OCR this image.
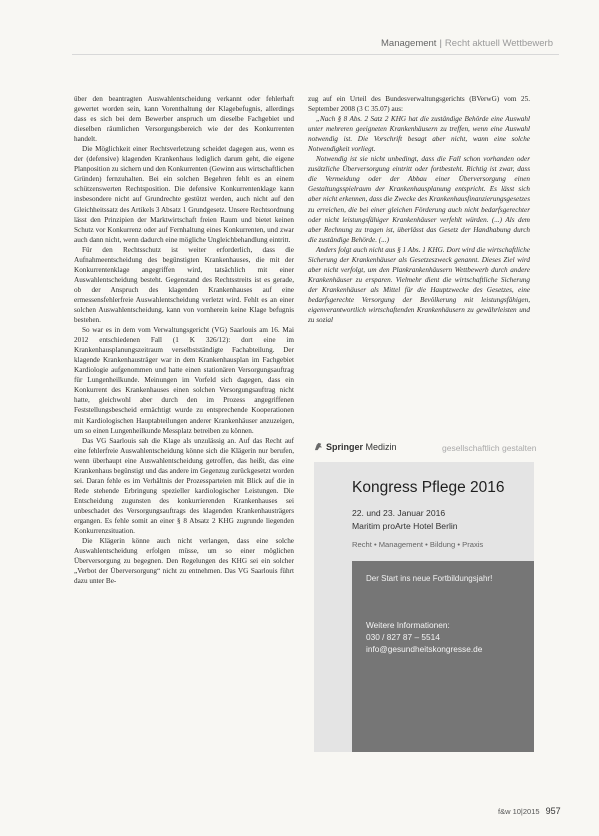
Management | Recht aktuell Wettbewerb

über den beantragten Auswahlentscheidung verkannt oder fehlerhaft gewertet worden sein, kann Vorenthaltung der Klagebefugnis, allerdings dass es sich bei dem Bewerber anspruch um dieselbe Fachgebiet und dieselben räumlichen Versorgungsbereich wie der des Konkurrenten handelt.

Die Möglichkeit einer Rechtsverletzung scheidet dagegen aus, wenn es der (defensive) klagenden Krankenhaus lediglich darum geht, die eigene Planposition zu sichern und den Konkurrenten (Gewinn aus wirtschaftlichen Gründen) fernzuhalten. Bei ein solchen Begehren fehlt es an einem schützenswerten Rechtsposition. Die defensive Konkurrentenklage kann insbesondere nicht auf Grundrechte gestützt werden, auch nicht auf den Gleichheitssatz des Artikels 3 Absatz 1 Grundgesetz. Unsere Rechtsordnung lässt den Prinzipien der Marktwirtschaft freien Raum und bietet keinen Schutz vor Konkurrenz oder auf Fernhaltung eines Konkurrenten, und zwar auch dann nicht, wenn dadurch eine mögliche Ungleichbehandlung eintritt.

Für den Rechtsschutz ist weiter erforderlich, dass die Aufnahmeentscheidung des begünstigten Krankenhauses, die mit der Konkurrentenklage angegriffen wird, tatsächlich mit einer Auswahlentscheidung besteht. Gegenstand des Rechtsstreits ist es gerade, ob der Anspruch des klagenden Krankenhauses auf eine ermessensfehlerfreie Auswahlentscheidung verletzt wird. Fehlt es an einer solchen Auswahlentscheidung, kann von vornherein keine Klage befugnis bestehen.

So war es in dem vom Verwaltungsgericht (VG) Saarlouis am 16. Mai 2012 entschiedenen Fall (1 K 326/12): dort eine im Krankenhausplanungszeitraum verselbstständigte Fachabteilung. Der klagende Krankenhausträger war in dem Krankenhausplan im Fachgebiet Kardiologie aufgenommen und hatte einen stationären Versorgungsauftrag für Lungenheilkunde. Meinungen im Vorfeld sich dagegen, dass ein Konkurrent des Krankenhauses einen solchen Versorgungsauftrag nicht hatte, gleichwohl aber durch den im Prozess angegriffenen Feststellungsbescheid ermächtigt wurde zu entsprechende Kooperationen mit Kardiologischen Hauptabteilungen anderer Krankenhäuser anzuzeigen, um so einen Lungenheilkunde Messplatz betreiben zu können.

Das VG Saarlouis sah die Klage als unzulässig an. Auf das Recht auf eine fehlerfreie Auswahlentscheidung könne sich die Klägerin nur berufen, wenn überhaupt eine Auswahlentscheidung getroffen, das heißt, das eine Krankenhaus begünstigt und das andere im Gegenzug zurückgesetzt worden sei. Daran fehle es im Verhältnis der Prozessparteien mit Blick auf die in Rede stehende Erbringung spezieller kardiologischer Leistungen. Die Entscheidung zugunsten des konkurrierenden Krankenhauses sei unbeschadet des Versorgungsauftrags des klagenden Krankenhausträgers ergangen. Es fehle somit an einer § 8 Absatz 2 KHG zugrunde liegenden Konkurrenzsituation.

Die Klägerin könne auch nicht verlangen, dass eine solche Auswahlentscheidung erfolgen müsse, um so einer möglichen Überversorgung zu begegnen. Den Regelungen des KHG sei ein solcher „Verbot der Überversorgung“ nicht zu entnehmen. Das VG Saarlouis führt dazu unter Be-

zug auf ein Urteil des Bundesverwaltungsgerichts (BVerwG) vom 25. September 2008 (3 C 35.07) aus:

„Nach § 8 Abs. 2 Satz 2 KHG hat die zuständige Behörde eine Auswahl unter mehreren geeigneten Krankenhäusern zu treffen, wenn eine Auswahl notwendig ist. Die Vorschrift besagt aber nicht, wann eine solche Notwendigkeit vorliegt.

Notwendig ist sie nicht unbedingt, dass die Fall schon vorhanden oder zusätzliche Überversorgung eintritt oder fortbesteht. Richtig ist zwar, dass die Vermeidung oder der Abbau einer Überversorgung einen Gestaltungsspielraum der Krankenhausplanung entspricht. Es lässt sich aber nicht erkennen, dass die Zwecke des Krankenhausfinanzierungsgesetzes zu erreichen, die bei einer gleichen Förderung auch nicht bedarfsgerechter oder nicht leistungsfähiger Krankenhäuser verfehlt würden. (...) Als dem aber Rechnung zu tragen ist, überlässt das Gesetz der Handhabung durch die zuständige Behörde. (...)

Anders folgt auch nicht aus § 1 Abs. 1 KHG. Dort wird die wirtschaftliche Sicherung der Krankenhäuser als Gesetzeszweck genannt. Dieses Ziel wird aber nicht verfolgt, um den Plankrankenhäusern Wettbewerb durch andere Krankenhäuser zu ersparen. Vielmehr dient die wirtschaftliche Sicherung der Krankenhäuser als Mittel für die Hauptzwecke des Gesetzes, eine bedarfsgerechte Versorgung der Bevölkerung mit leistungsfähigen, eigenverantwortlich wirtschaftenden Krankenhäusern zu gewährleisten und zu sozial

Springer Medizin	gesellschaftlich gestalten
Kongress Pflege 2016
22. und 23. Januar 2016
Maritim proArte Hotel Berlin
Recht • Management • Bildung • Praxis
Der Start ins neue Fortbildungsjahr!
Weitere Informationen:
030 / 827 87 – 5514
info@gesundheitskongresse.de
f&w 10|2015 957
